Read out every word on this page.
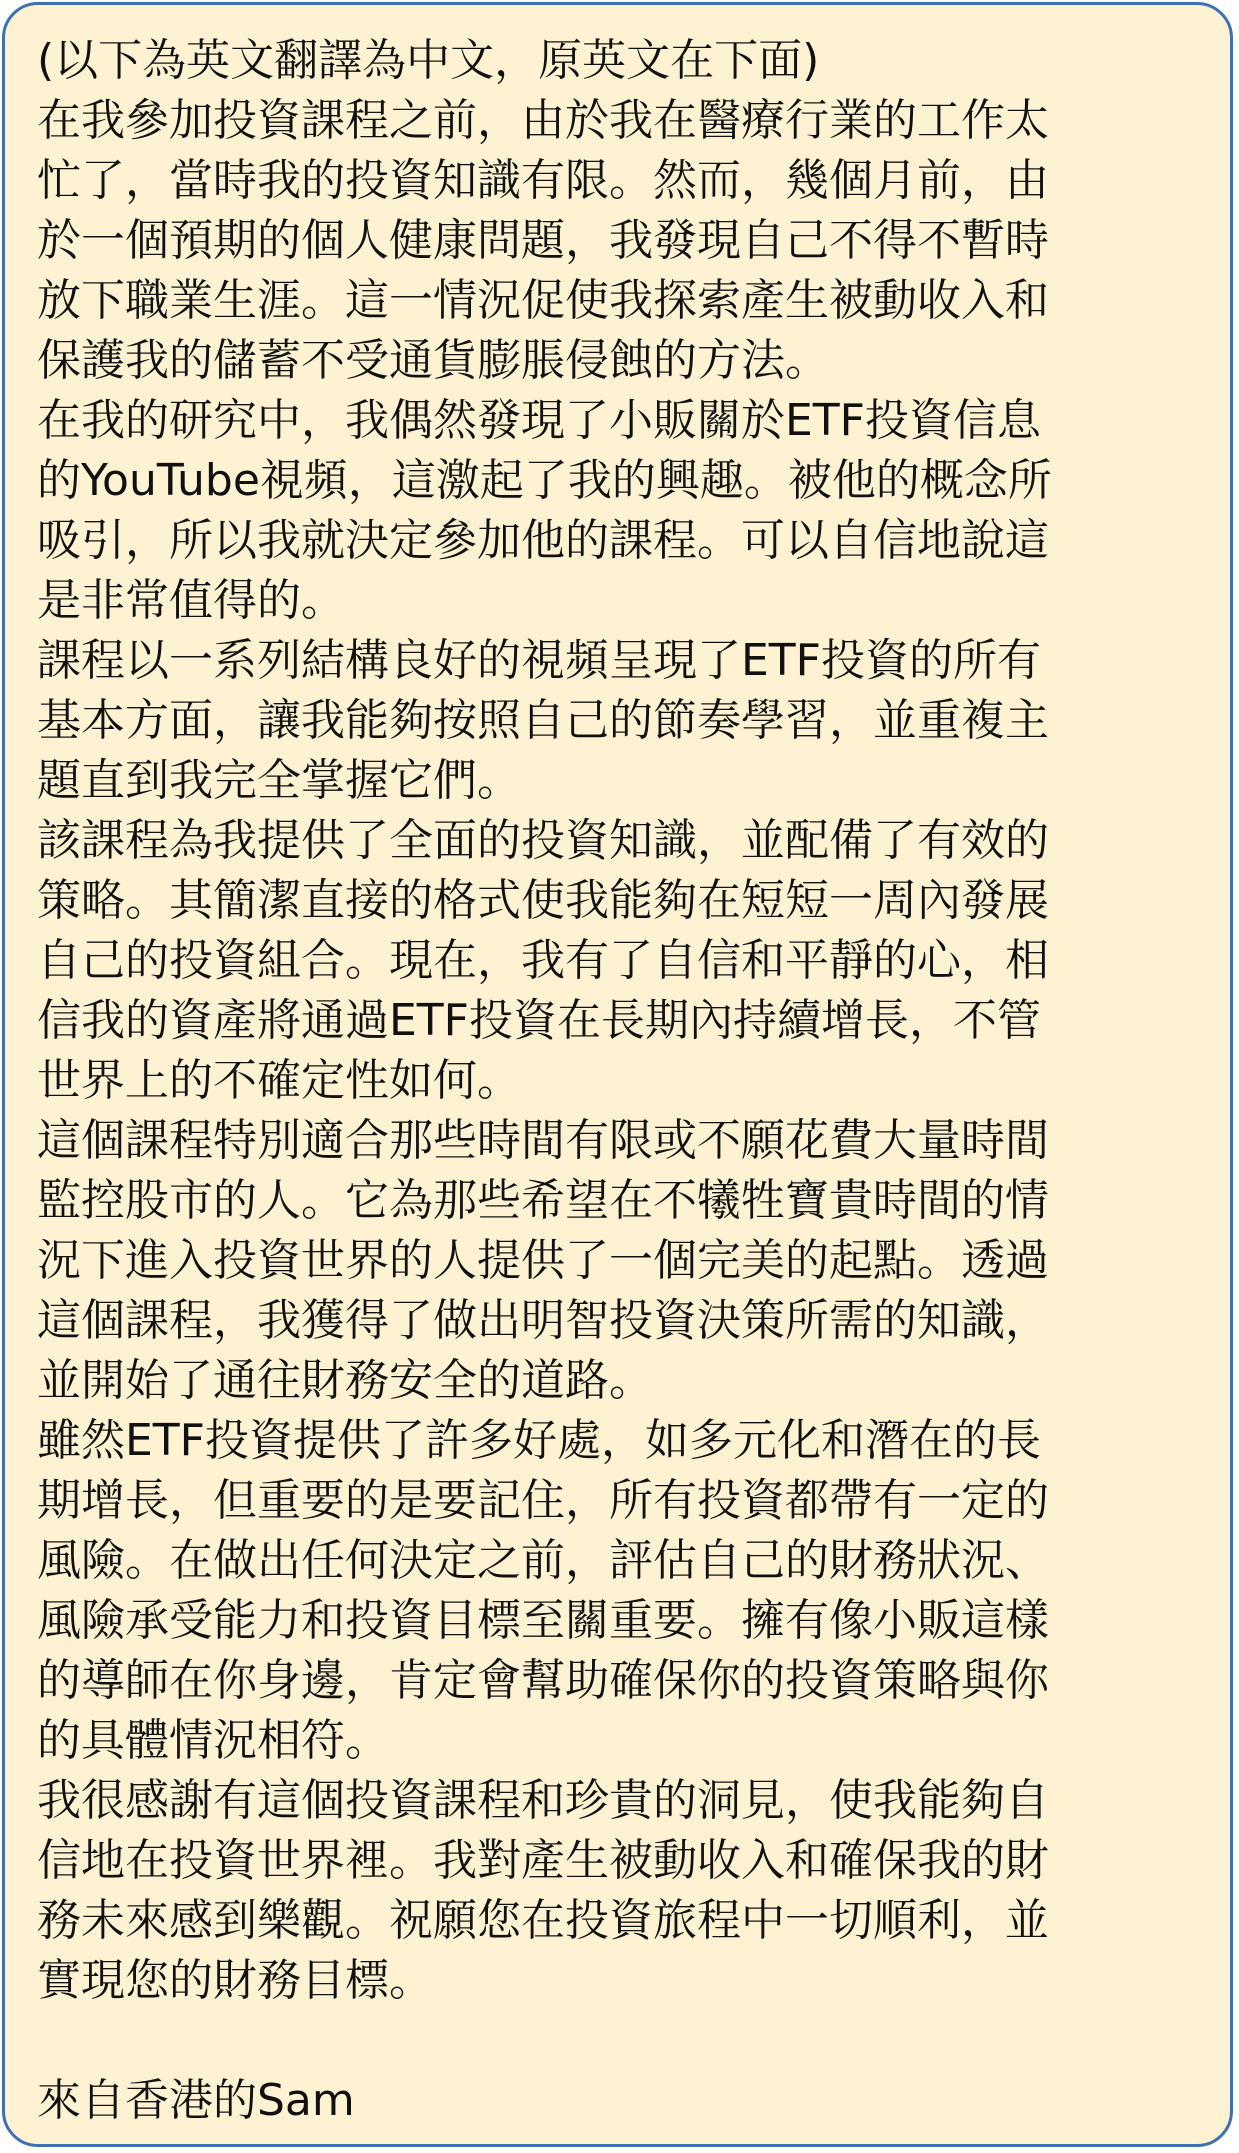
(以下為英文翻譯為中文，原英文在下面)
在我參加投資課程之前，由於我在醫療行業的工作太
忙了，當時我的投資知識有限。然而，幾個月前，由
於一個預期的個人健康問題，我發現自己不得不暫時
放下職業生涯。這一情況促使我探索產生被動收入和
保護我的儲蓄不受通貨膨脹侵蝕的方法。
在我的研究中，我偶然發現了小販關於ETF投資信息
的YouTube視頻，這激起了我的興趣。被他的概念所
吸引，所以我就決定參加他的課程。可以自信地說這
是非常值得的。
課程以一系列結構良好的視頻呈現了ETF投資的所有
基本方面，讓我能夠按照自己的節奏學習，並重複主
題直到我完全掌握它們。
該課程為我提供了全面的投資知識，並配備了有效的
策略。其簡潔直接的格式使我能夠在短短一周內發展
自己的投資組合。現在，我有了自信和平靜的心，相
信我的資產將通過ETF投資在長期內持續增長，不管
世界上的不確定性如何。
這個課程特別適合那些時間有限或不願花費大量時間
監控股市的人。它為那些希望在不犧牲寶貴時間的情
況下進入投資世界的人提供了一個完美的起點。透過
這個課程，我獲得了做出明智投資決策所需的知識，
並開始了通往財務安全的道路。
雖然ETF投資提供了許多好處，如多元化和潛在的長
期增長，但重要的是要記住，所有投資都帶有一定的
風險。在做出任何決定之前，評估自己的財務狀況、
風險承受能力和投資目標至關重要。擁有像小販這樣
的導師在你身邊，肯定會幫助確保你的投資策略與你
的具體情況相符。
我很感謝有這個投資課程和珍貴的洞見，使我能夠自
信地在投資世界裡。我對產生被動收入和確保我的財
務未來感到樂觀。祝願您在投資旅程中一切順利，並
實現您的財務目標。
來自香港的Sam
